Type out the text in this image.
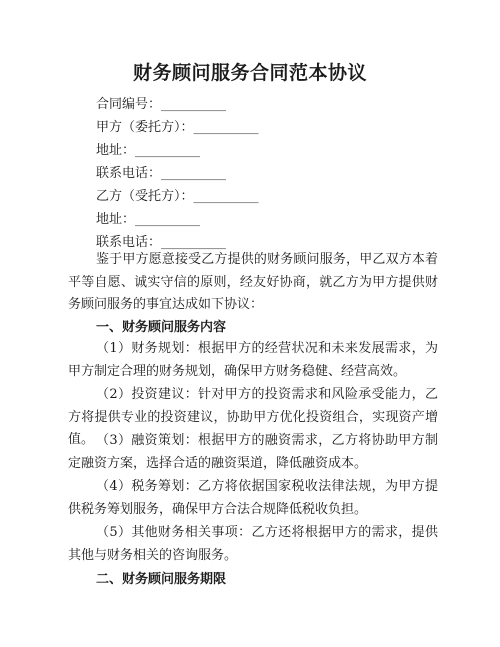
财务顾问服务合同范本协议
合同编号：__________
甲方（委托方）：__________
地址：__________
联系电话：__________
乙方（受托方）：__________
地址：__________
联系电话：__________
鉴于甲方愿意接受乙方提供的财务顾问服务，甲乙双方本着平等自愿、诚实守信的原则，经友好协商，就乙方为甲方提供财务顾问服务的事宜达成如下协议：
一、财务顾问服务内容
（1）财务规划：根据甲方的经营状况和未来发展需求，为甲方制定合理的财务规划，确保甲方财务稳健、经营高效。
（2）投资建议：针对甲方的投资需求和风险承受能力，乙方将提供专业的投资建议，协助甲方优化投资组合，实现资产增值。 （3）融资策划：根据甲方的融资需求，乙方将协助甲方制定融资方案，选择合适的融资渠道，降低融资成本。
（4）税务筹划：乙方将依据国家税收法律法规，为甲方提供税务筹划服务，确保甲方合法合规降低税收负担。
（5）其他财务相关事项：乙方还将根据甲方的需求，提供其他与财务相关的咨询服务。
二、财务顾问服务期限
